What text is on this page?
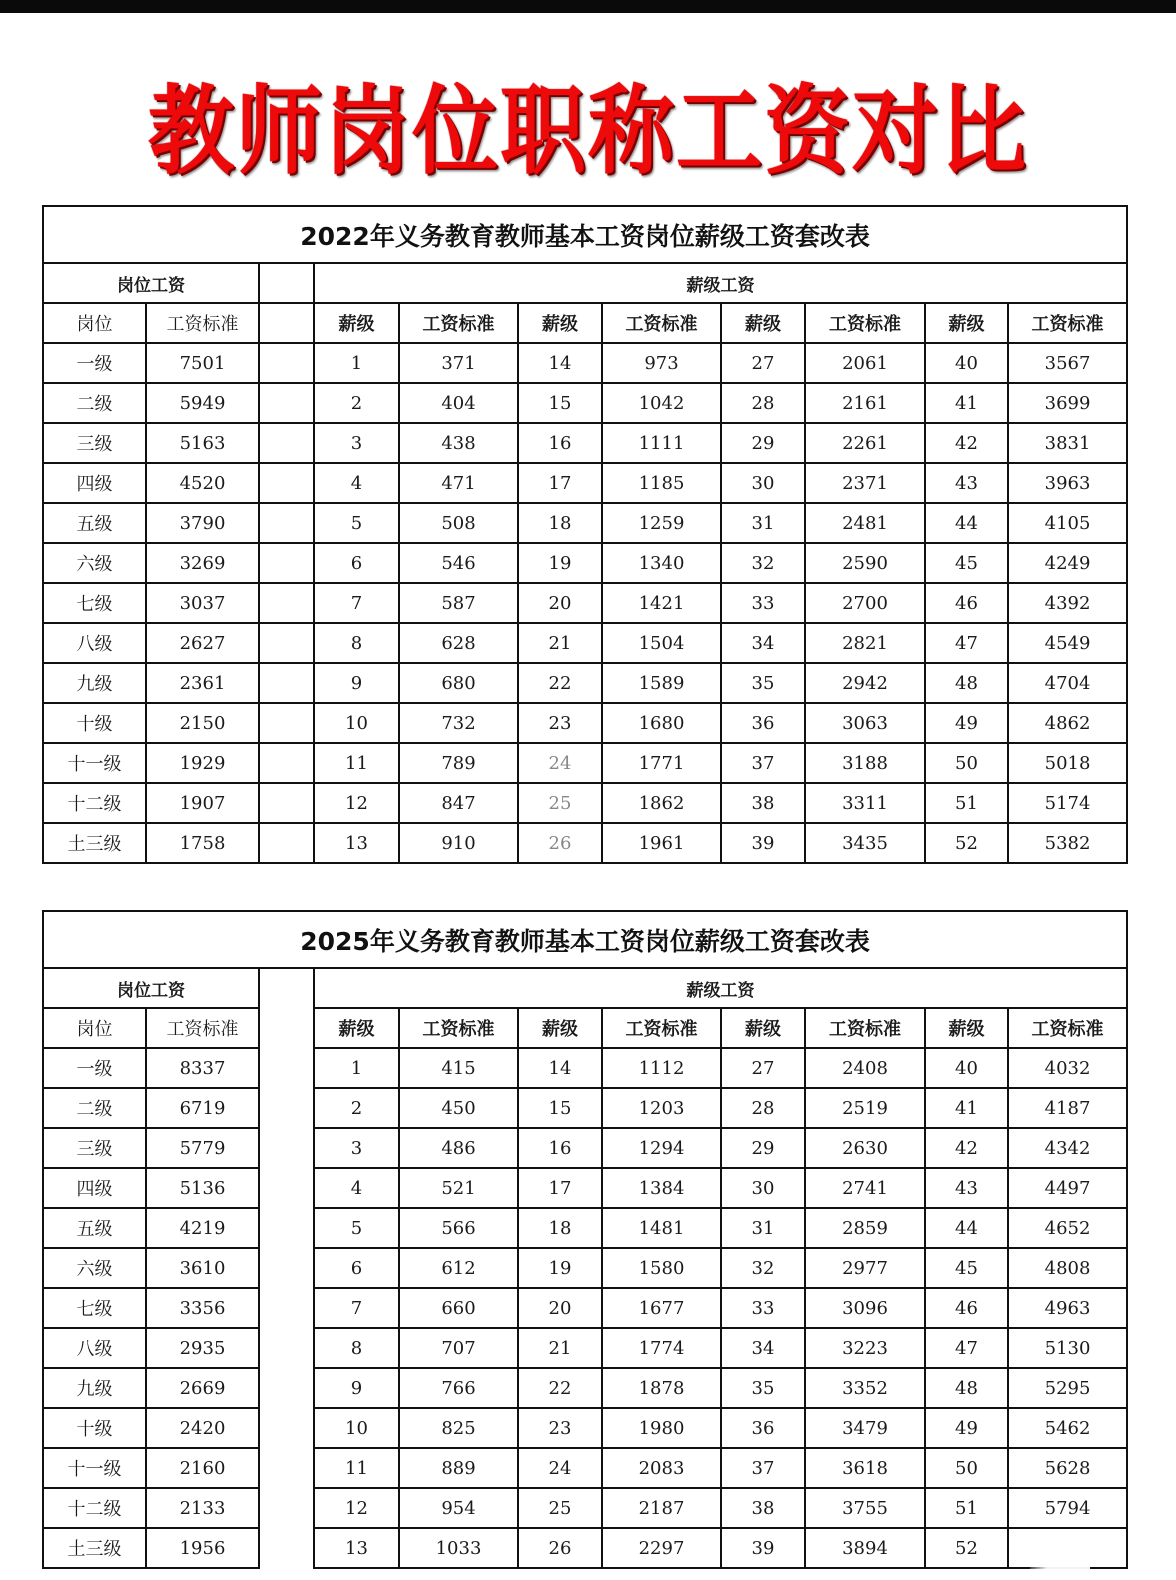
教师岗位职称工资对比
2022年义务教育教师基本工资岗位薪级工资套改表										
岗位工资			薪级工资							
岗位	工资标准		薪级	工资标准	薪级	工资标准	薪级	工资标准	薪级	工资标准
一级	7501		1	371	14	973	27	2061	40	3567
二级	5949		2	404	15	1042	28	2161	41	3699
三级	5163		3	438	16	1111	29	2261	42	3831
四级	4520		4	471	17	1185	30	2371	43	3963
五级	3790		5	508	18	1259	31	2481	44	4105
六级	3269		6	546	19	1340	32	2590	45	4249
七级	3037		7	587	20	1421	33	2700	46	4392
八级	2627		8	628	21	1504	34	2821	47	4549
九级	2361		9	680	22	1589	35	2942	48	4704
十级	2150		10	732	23	1680	36	3063	49	4862
十一级	1929		11	789	24	1771	37	3188	50	5018
十二级	1907		12	847	25	1862	38	3311	51	5174
土三级	1758		13	910	26	1961	39	3435	52	5382
2025年义务教育教师基本工资岗位薪级工资套改表										
岗位工资			薪级工资							
岗位	工资标准		薪级	工资标准	薪级	工资标准	薪级	工资标准	薪级	工资标准
一级	8337		1	415	14	1112	27	2408	40	4032
二级	6719		2	450	15	1203	28	2519	41	4187
三级	5779		3	486	16	1294	29	2630	42	4342
四级	5136		4	521	17	1384	30	2741	43	4497
五级	4219		5	566	18	1481	31	2859	44	4652
六级	3610		6	612	19	1580	32	2977	45	4808
七级	3356		7	660	20	1677	33	3096	46	4963
八级	2935		8	707	21	1774	34	3223	47	5130
九级	2669		9	766	22	1878	35	3352	48	5295
十级	2420		10	825	23	1980	36	3479	49	5462
十一级	2160		11	889	24	2083	37	3618	50	5628
十二级	2133		12	954	25	2187	38	3755	51	5794
土三级	1956		13	1033	26	2297	39	3894	52	
